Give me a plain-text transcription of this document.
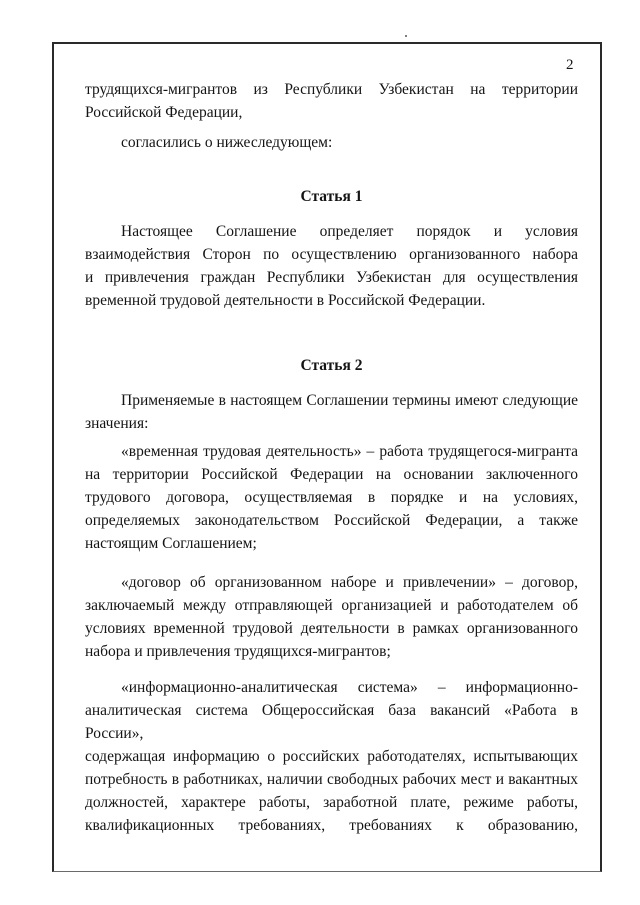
2
трудящихся-мигрантов из Республики Узбекистан на территории
Российской Федерации,
согласились о нижеследующем:
Статья 1
Настоящее Соглашение определяет порядок и условия
взаимодействия Сторон по осуществлению организованного набора
и привлечения граждан Республики Узбекистан для осуществления
временной трудовой деятельности в Российской Федерации.
Статья 2
Применяемые в настоящем Соглашении термины имеют следующие
значения:
«временная трудовая деятельность» – работа трудящегося-мигранта
на территории Российской Федерации на основании заключенного
трудового договора, осуществляемая в порядке и на условиях,
определяемых законодательством Российской Федерации, а также
настоящим Соглашением;
«договор об организованном наборе и привлечении» – договор,
заключаемый между отправляющей организацией и работодателем об
условиях временной трудовой деятельности в рамках организованного
набора и привлечения трудящихся-мигрантов;
«информационно-аналитическая система» – информационно-
аналитическая система Общероссийская база вакансий «Работа в России»,
содержащая информацию о российских работодателях, испытывающих
потребность в работниках, наличии свободных рабочих мест и вакантных
должностей, характере работы, заработной плате, режиме работы,
квалификационных требованиях, требованиях к образованию,
